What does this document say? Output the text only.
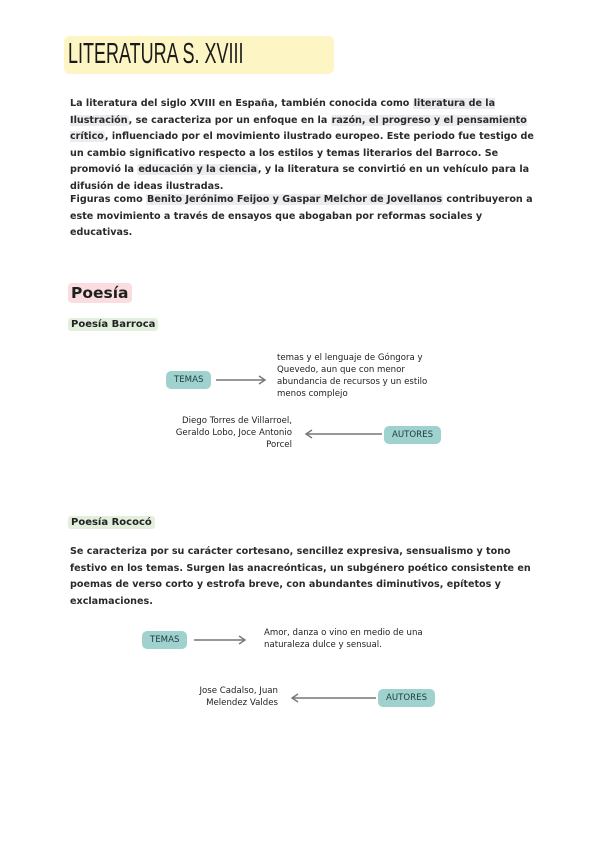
LITERATURA S. XVIII

La literatura del siglo XVIII en España, también conocida como literatura de la Ilustración, se caracteriza por un enfoque en la razón, el progreso y el pensamiento crítico, influenciado por el movimiento ilustrado europeo. Este periodo fue testigo de un cambio significativo respecto a los estilos y temas literarios del Barroco. Se promovió la educación y la ciencia, y la literatura se convirtió en un vehículo para la difusión de ideas ilustradas.

Figuras como Benito Jerónimo Feijoo y Gaspar Melchor de Jovellanos contribuyeron a este movimiento a través de ensayos que abogaban por reformas sociales y educativas.

Poesía
Poesía Barroca
TEMAS
temas y el lenguaje de Góngora y Quevedo, aun que con menor abundancia de recursos y un estilo menos complejo
Diego Torres de Villarroel, Geraldo Lobo, Joce Antonio Porcel
AUTORES
Poesía Rococó

Se caracteriza por su carácter cortesano, sencillez expresiva, sensualismo y tono festivo en los temas. Surgen las anacreónticas, un subgénero poético consistente en poemas de verso corto y estrofa breve, con abundantes diminutivos, epítetos y exclamaciones.

TEMAS
Amor, danza o vino en medio de una naturaleza dulce y sensual.
Jose Cadalso, Juan Melendez Valdes	AUTORES
